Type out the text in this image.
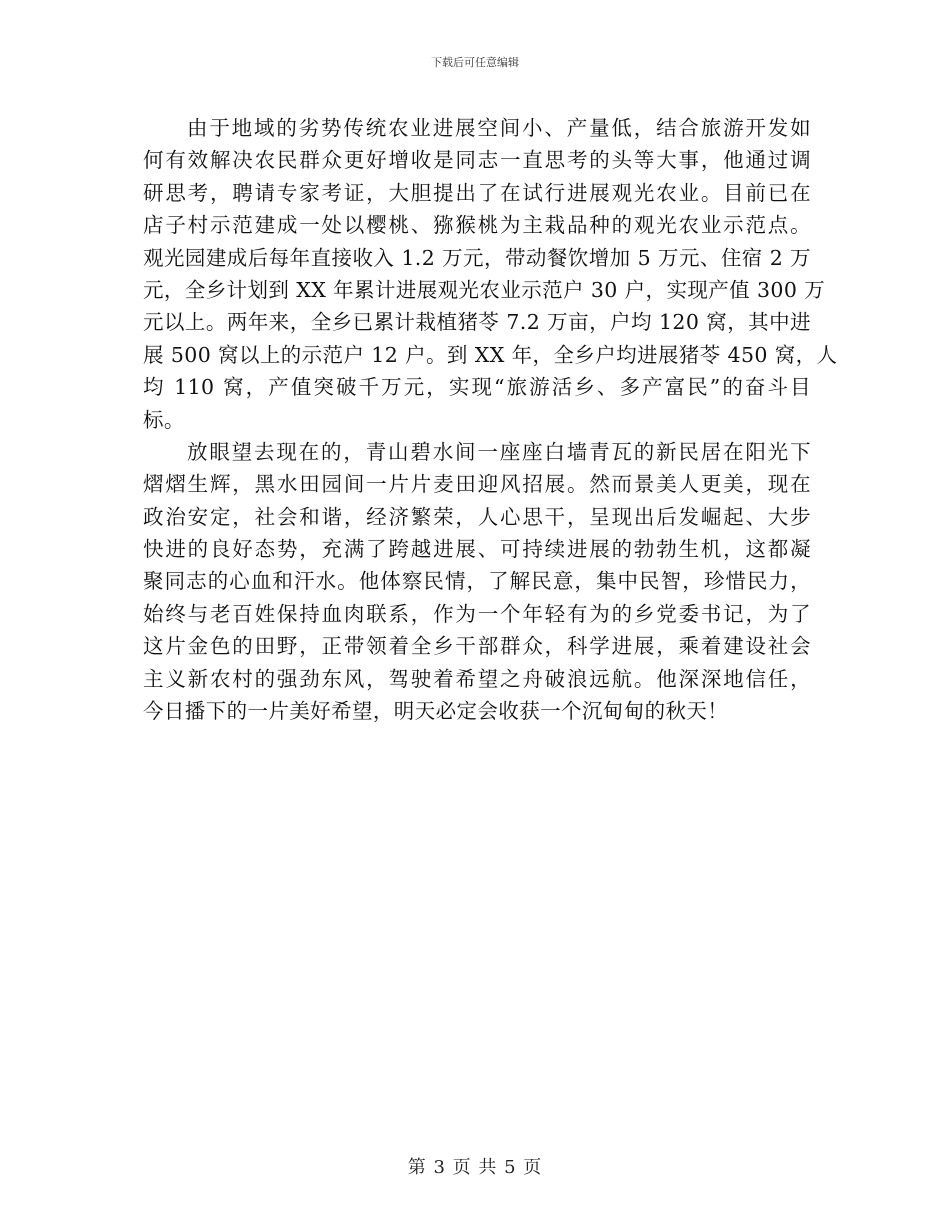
下载后可任意编辑
由于地域的劣势传统农业进展空间小、产量低，结合旅游开发如
何有效解决农民群众更好增收是同志一直思考的头等大事，他通过调
研思考，聘请专家考证，大胆提出了在试行进展观光农业。目前已在
店子村示范建成一处以樱桃、猕猴桃为主栽品种的观光农业示范点。
观光园建成后每年直接收入 1.2 万元，带动餐饮增加 5 万元、住宿 2 万
元，全乡计划到 XX 年累计进展观光农业示范户 30 户，实现产值 300 万
元以上。两年来，全乡已累计栽植猪苓 7.2 万亩，户均 120 窝，其中进
展 500 窝以上的示范户 12 户。到 XX 年，全乡户均进展猪苓 450 窝，人
均 110 窝，产值突破千万元，实现“旅游活乡、多产富民”的奋斗目
标。
放眼望去现在的，青山碧水间一座座白墙青瓦的新民居在阳光下
熠熠生辉，黑水田园间一片片麦田迎风招展。然而景美人更美，现在
政治安定，社会和谐，经济繁荣，人心思干，呈现出后发崛起、大步
快进的良好态势，充满了跨越进展、可持续进展的勃勃生机，这都凝
聚同志的心血和汗水。他体察民情，了解民意，集中民智，珍惜民力，
始终与老百姓保持血肉联系，作为一个年轻有为的乡党委书记，为了
这片金色的田野，正带领着全乡干部群众，科学进展，乘着建设社会
主义新农村的强劲东风，驾驶着希望之舟破浪远航。他深深地信任，
今日播下的一片美好希望，明天必定会收获一个沉甸甸的秋天！
第 3 页 共 5 页
